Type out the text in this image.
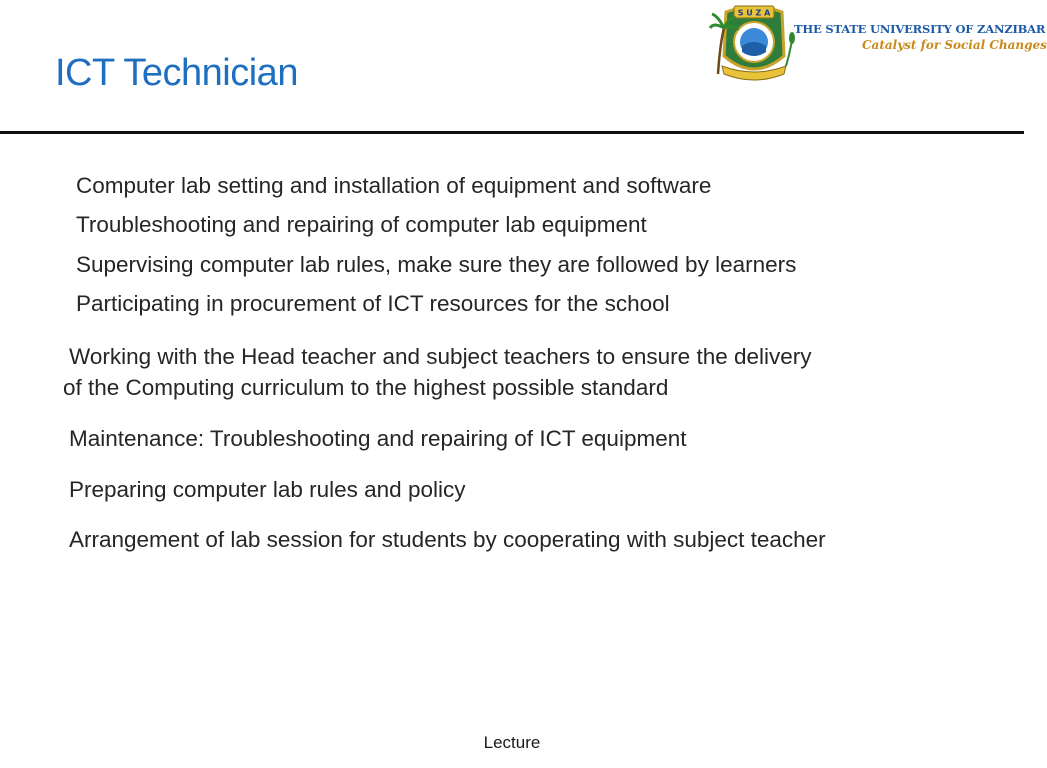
ICT Technician
S U Z A
THE STATE UNIVERSITY OF ZANZIBAR
Catalyst for Social Changes

Computer lab setting and installation of equipment and software

Troubleshooting and repairing of computer lab equipment

Supervising computer lab rules, make sure they are followed by learners

Participating in procurement of ICT resources for the school

Working with the Head teacher and subject teachers to ensure the delivery

of the Computing curriculum to the highest possible standard

Maintenance: Troubleshooting and repairing of ICT equipment

Preparing computer lab rules and policy

Arrangement of lab session for students by cooperating with subject teacher

Lecture
